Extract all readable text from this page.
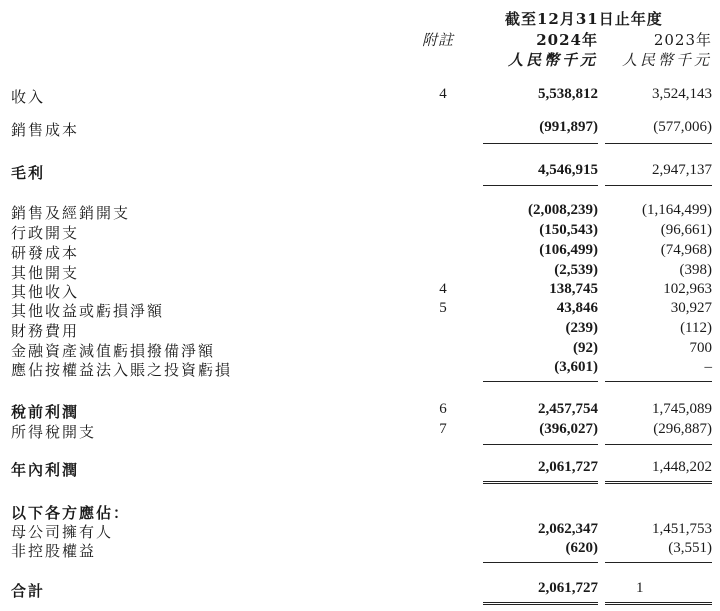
截至12月31日止年度
附註	2024年	2023年
人民幣千元 人民幣千元
收入	4	5,538,812	3,524,143
銷售成本	(991,897)	(577,006)
毛利	4,546,915	2,947,137
銷售及經銷開支	(2,008,239)	(1,164,499)
行政開支	(150,543)	(96,661)
研發成本	(106,499)	(74,968)
其他開支	(2,539)	(398)
其他收入	4	138,745	102,963
其他收益或虧損淨額	5	43,846	30,927
財務費用	(239)	(112)
金融資產減值虧損撥備淨額	(92)	700
應佔按權益法入賬之投資虧損	(3,601)	–
稅前利潤	6	2,457,754	1,745,089
所得稅開支	7	(396,027)	(296,887)
年內利潤	2,061,727	1,448,202
以下各方應佔：
母公司擁有人	2,062,347	1,451,753
非控股權益	(620)	(3,551)
合計	2,061,727	1
